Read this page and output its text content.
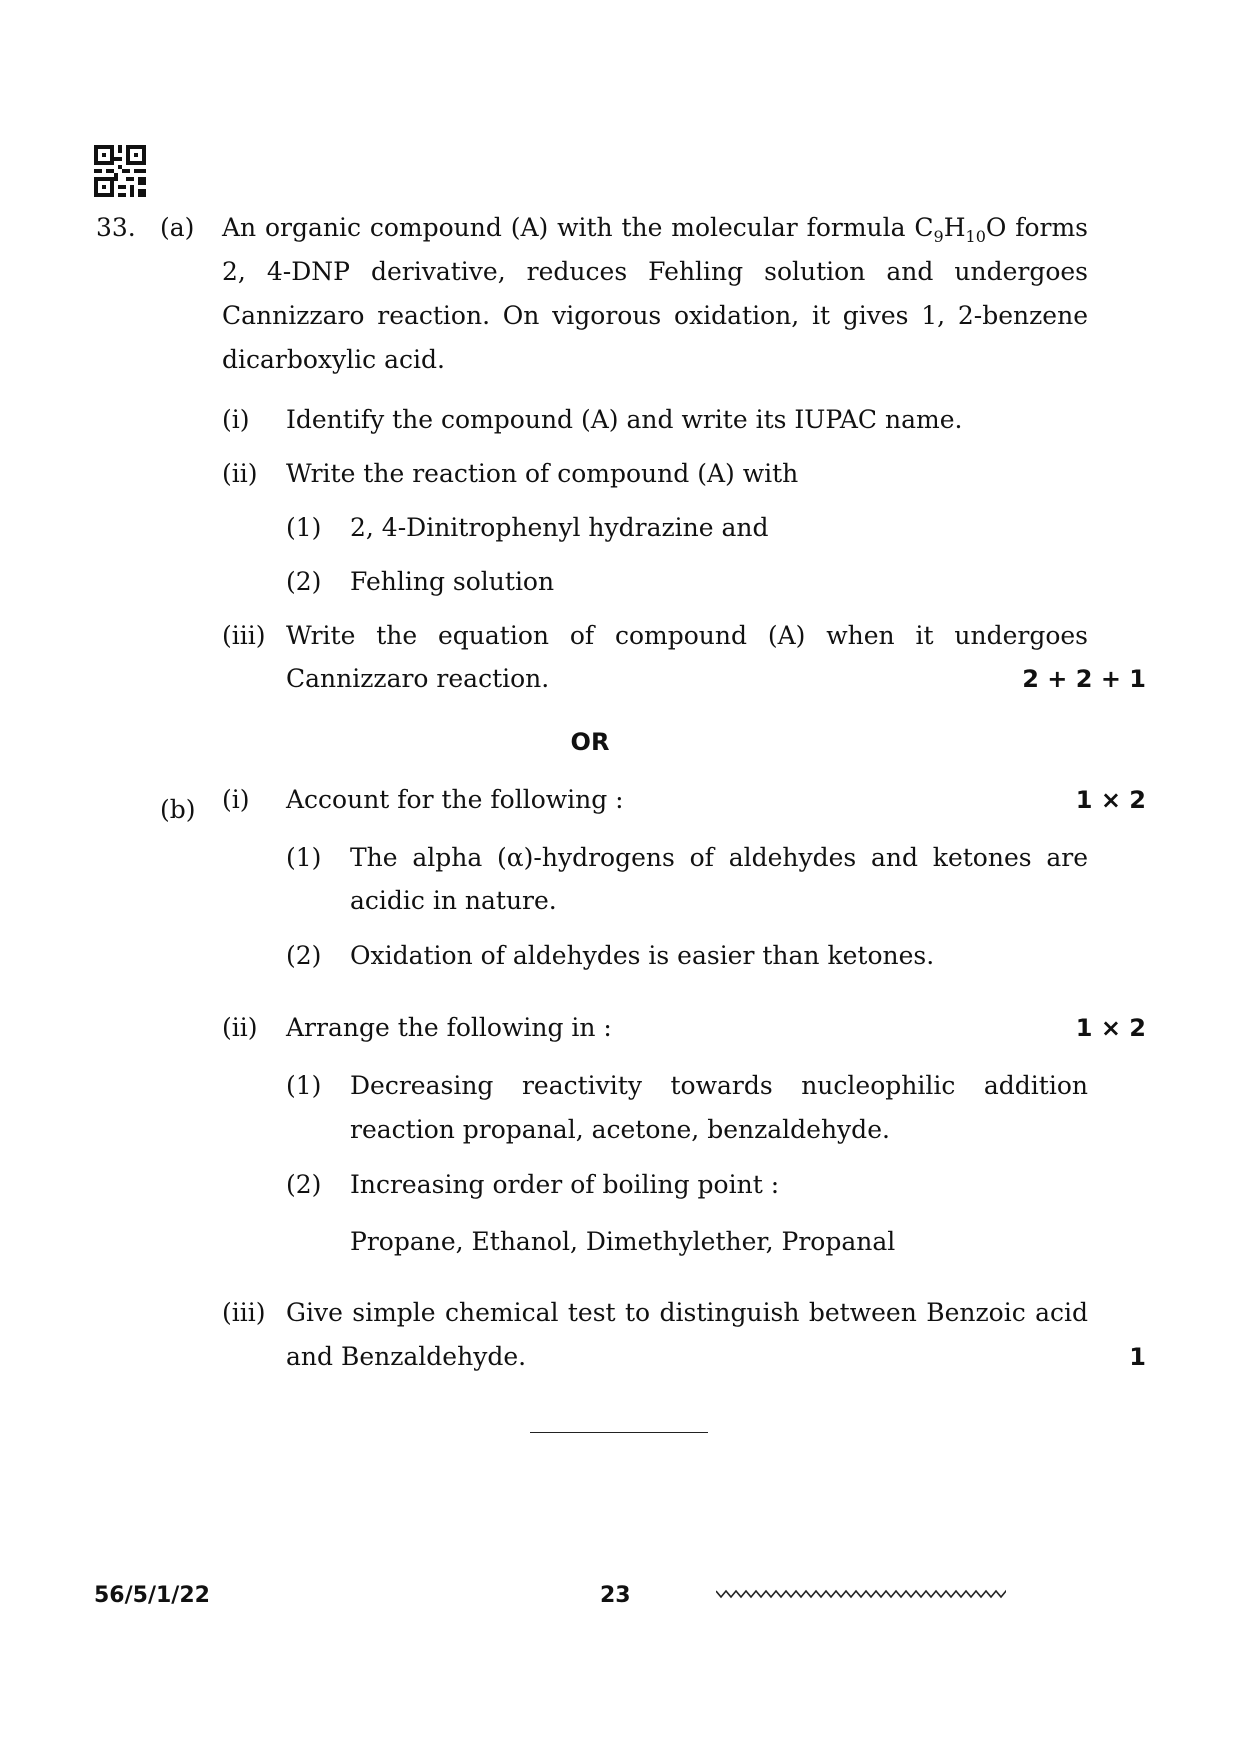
33. (a) An organic compound (A) with the molecular formula $C_9H_{10}O$ forms
2, 4-DNP derivative, reduces Fehling solution and undergoes
Cannizzaro reaction. On vigorous oxidation, it gives 1, 2-benzene
dicarboxylic acid.
(i) Identify the compound (A) and write its IUPAC name.
(ii) Write the reaction of compound (A) with
(1) 2, 4-Dinitrophenyl hydrazine and
(2) Fehling solution
(iii) Write the equation of compound (A) when it undergoes
Cannizzaro reaction.	2 + 2 + 1
OR
(b) (i) Account for the following :	1 × 2
(1) The alpha (α)-hydrogens of aldehydes and ketones are
acidic in nature.
(2) Oxidation of aldehydes is easier than ketones.
(ii) Arrange the following in :	1 × 2
(1) Decreasing reactivity towards nucleophilic addition
reaction propanal, acetone, benzaldehyde.
(2) Increasing order of boiling point :
Propane, Ethanol, Dimethylether, Propanal
(iii) Give simple chemical test to distinguish between Benzoic acid
and Benzaldehyde.	1
56/5/1/22	23
